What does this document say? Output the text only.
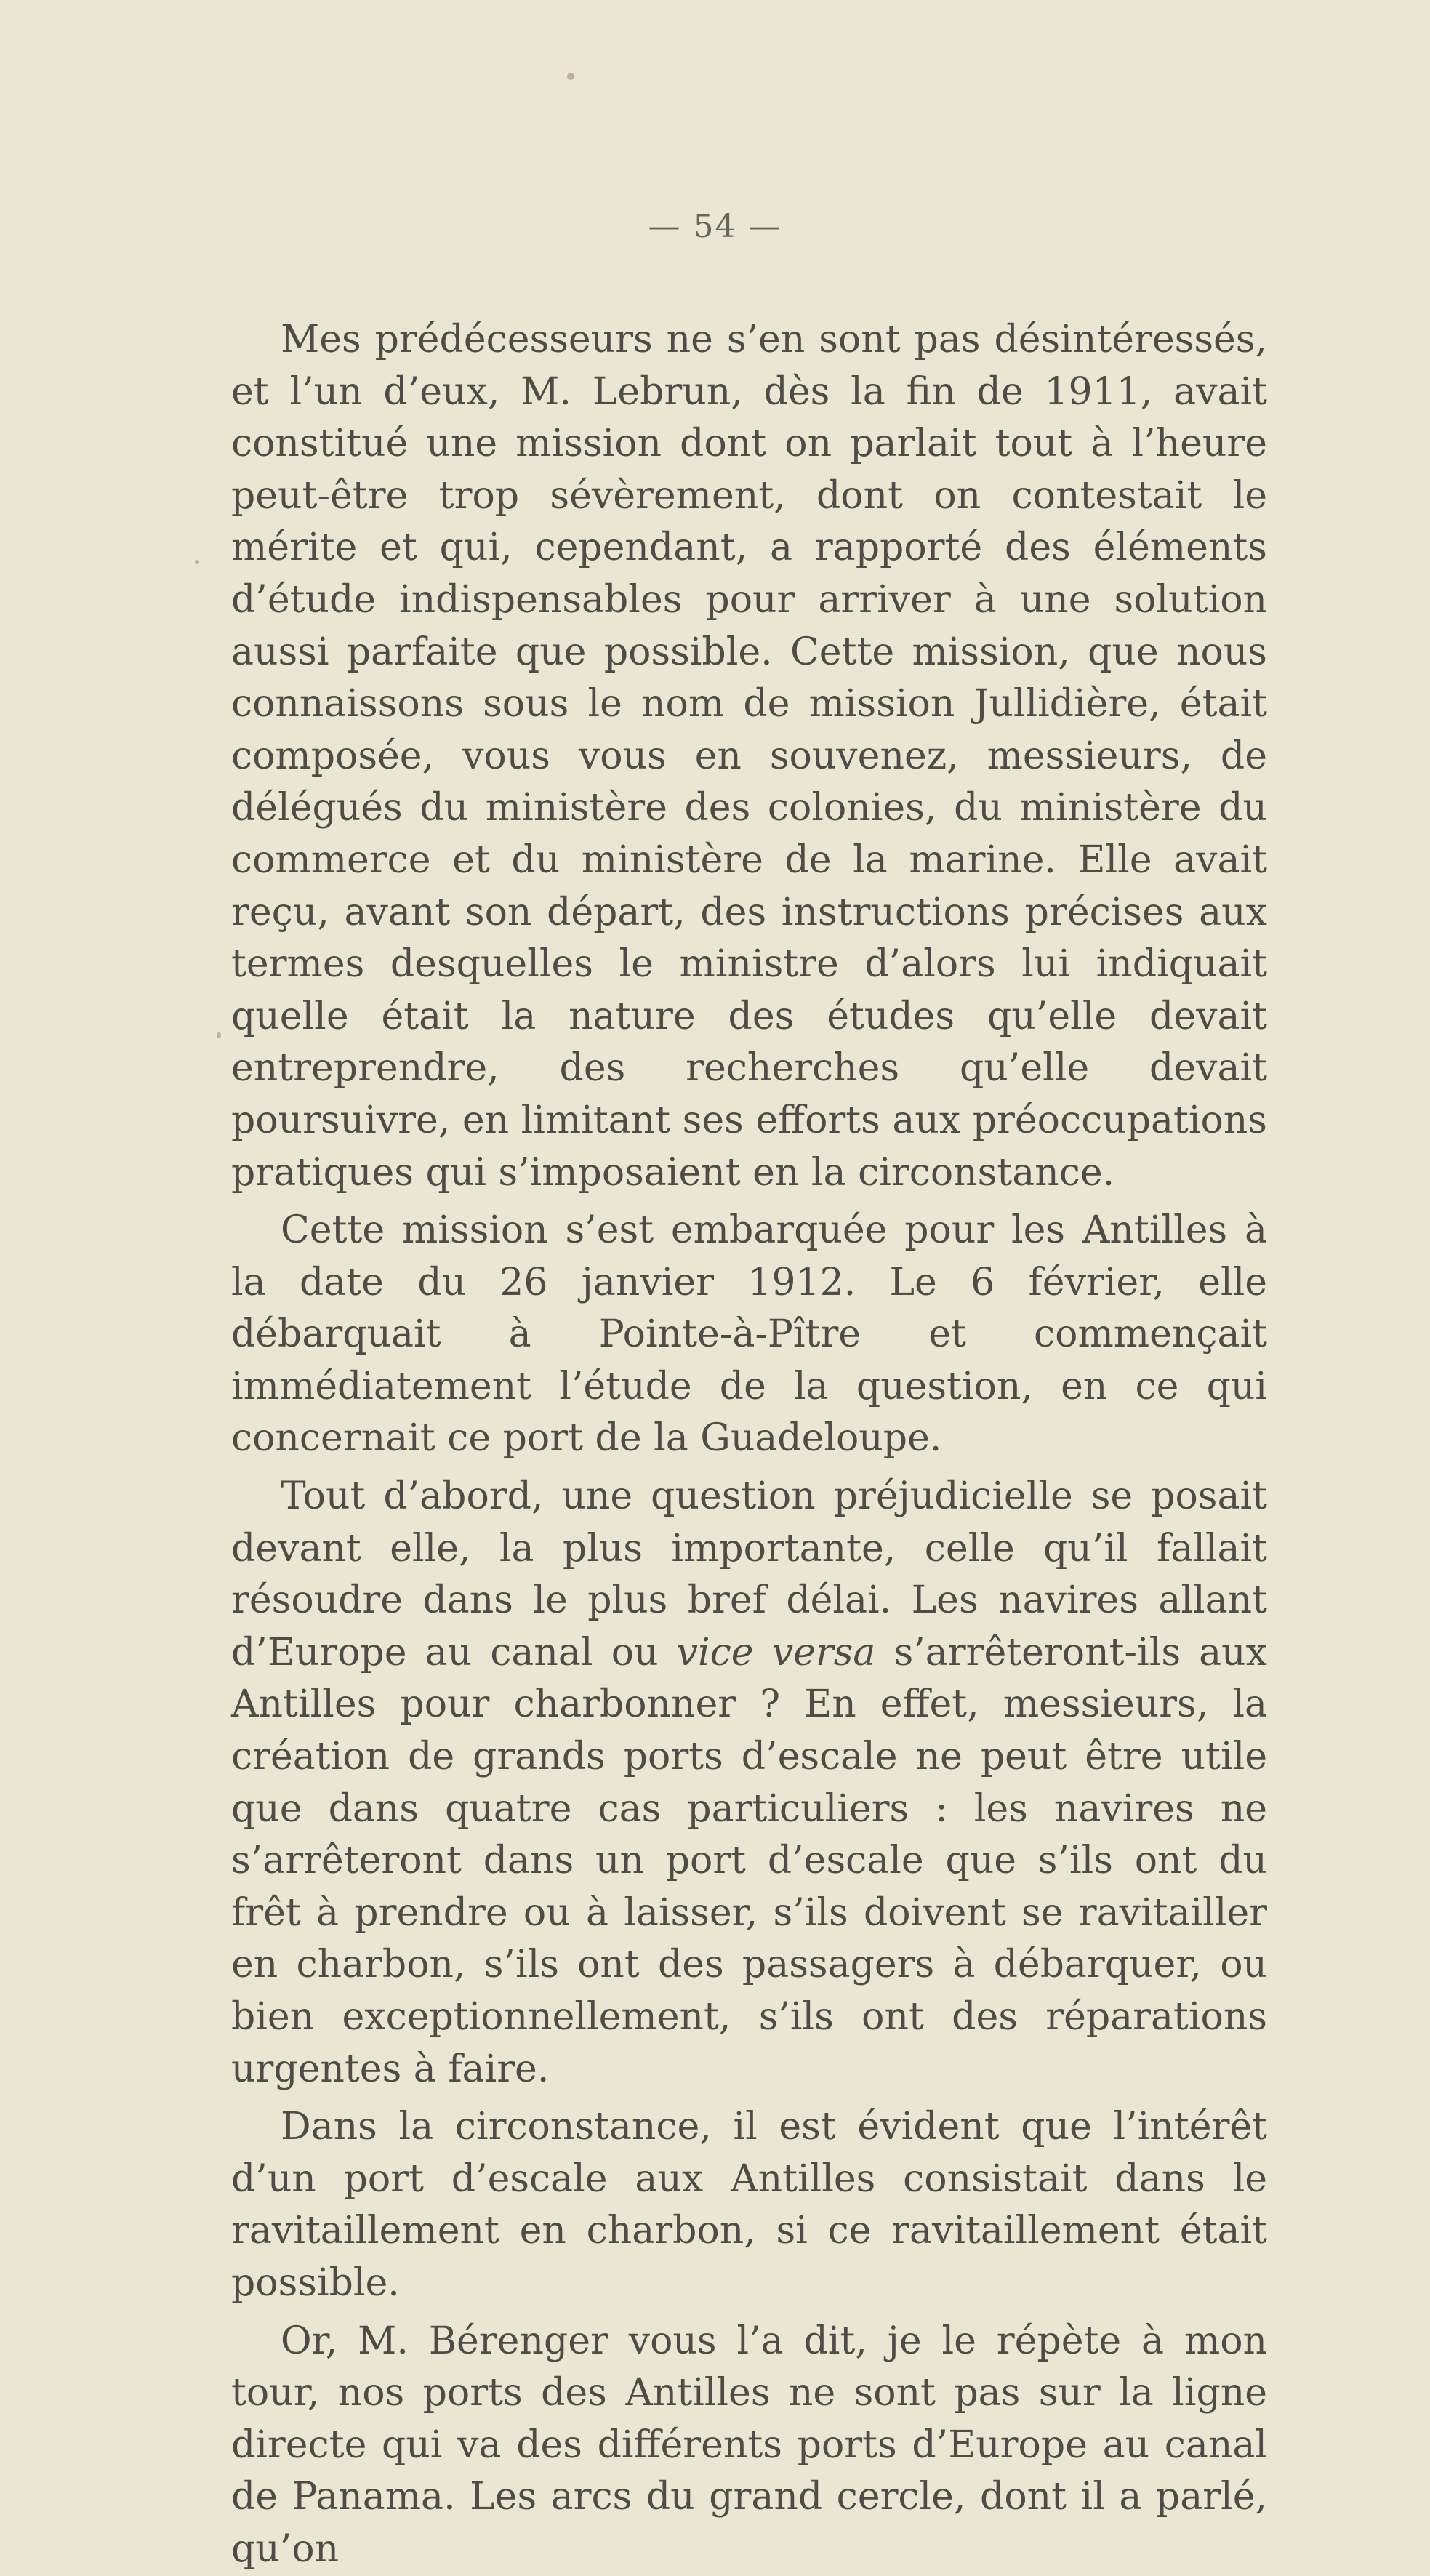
— 54 —

Mes prédécesseurs ne s’en sont pas désintéressés, et l’un d’eux, M. Lebrun, dès la fin de 1911, avait constitué une mission dont on parlait tout à l’heure peut-être trop sévèrement, dont on contestait le mérite et qui, cependant, a rapporté des éléments d’étude indispensables pour arriver à une solution aussi parfaite que possible. Cette mission, que nous connaissons sous le nom de mission Jullidière, était composée, vous vous en souvenez, messieurs, de délégués du ministère des colonies, du ministère du commerce et du ministère de la marine. Elle avait reçu, avant son départ, des instructions précises aux termes desquelles le ministre d’alors lui indiquait quelle était la nature des études qu’elle devait entreprendre, des recherches qu’elle devait poursuivre, en limitant ses efforts aux préoccupations pratiques qui s’imposaient en la circonstance.

Cette mission s’est embarquée pour les Antilles à la date du 26 janvier 1912. Le 6 février, elle débarquait à Pointe-à-Pître et commençait immédiatement l’étude de la question, en ce qui concernait ce port de la Guadeloupe.

Tout d’abord, une question préjudicielle se posait devant elle, la plus importante, celle qu’il fallait résoudre dans le plus bref délai. Les navires allant d’Europe au canal ou vice versa s’arrêteront-ils aux Antilles pour charbonner ? En effet, messieurs, la création de grands ports d’escale ne peut être utile que dans quatre cas particuliers : les navires ne s’arrêteront dans un port d’escale que s’ils ont du frêt à prendre ou à laisser, s’ils doivent se ravitailler en charbon, s’ils ont des passagers à débarquer, ou bien exceptionnellement, s’ils ont des réparations urgentes à faire.

Dans la circonstance, il est évident que l’intérêt d’un port d’escale aux Antilles consistait dans le ravitaillement en charbon, si ce ravitaillement était possible.

Or, M. Bérenger vous l’a dit, je le répète à mon tour, nos ports des Antilles ne sont pas sur la ligne directe qui va des différents ports d’Europe au canal de Panama. Les arcs du grand cercle, dont il a parlé, qu’on
